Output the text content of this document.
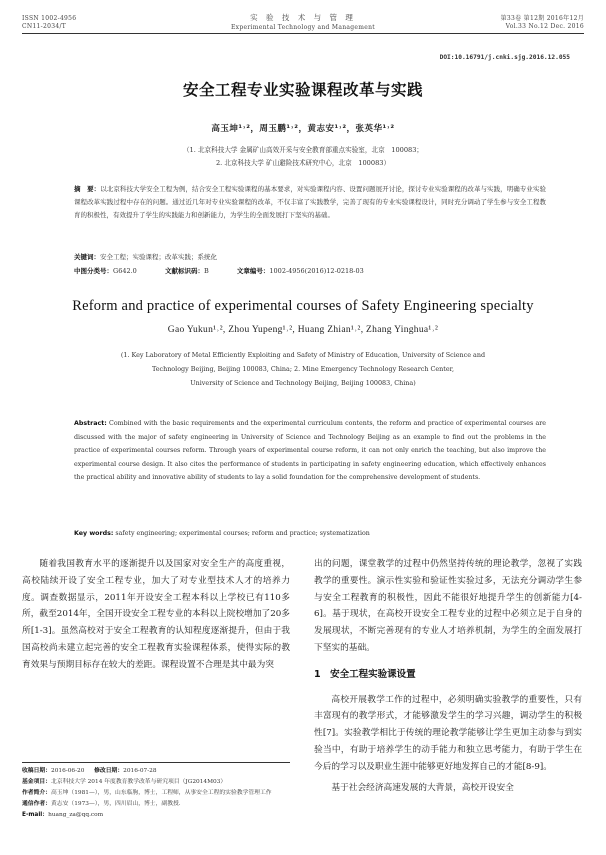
ISSN 1002-4956
CN11-2034/T
实 验 技 术 与 管 理
Experimental Technology and Management
第33卷 第12期 2016年12月
Vol.33 No.12 Dec. 2016
DOI:10.16791/j.cnki.sjg.2016.12.055
安全工程专业实验课程改革与实践
高玉坤¹˒²，周玉鹏¹˒²，黄志安¹˒²，张英华¹˒²
（1. 北京科技大学 金属矿山高效开采与安全教育部重点实验室，北京　100083；
2. 北京科技大学 矿山避险技术研究中心，北京　100083）
摘　要：以北京科技大学安全工程为例，结合安全工程实验课程的基本要求，对实验课程内容、设置问题展开讨论，探讨专业实验课程的改革与实践，明确专业实验课程改革实践过程中存在的问题。通过近几年对专业实验课程的改革，不仅丰富了实践教学，完善了现有的专业实验课程设计，同时充分调动了学生参与安全工程教育的积极性，有效提升了学生的实践能力和创新能力，为学生的全面发展打下坚实的基础。
关键词：安全工程；实验课程；改革实践；系统化
中图分类号：G642.0	文献标识码：B	文章编号：1002-4956(2016)12-0218-03
Reform and practice of experimental courses of Safety Engineering specialty
Gao Yukun¹˒², Zhou Yupeng¹˒², Huang Zhian¹˒², Zhang Yinghua¹˒²
(1. Key Laboratory of Metal Efficiently Exploiting and Safety of Ministry of Education, University of Science and
Technology Beijing, Beijing 100083, China; 2. Mine Emergency Technology Research Center,
University of Science and Technology Beijing, Beijing 100083, China)
Abstract: Combined with the basic requirements and the experimental curriculum contents, the reform and practice of experimental courses are discussed with the major of safety engineering in University of Science and Technology Beijing as an example to find out the problems in the practice of experimental courses reform. Through years of experimental course reform, it can not only enrich the teaching, but also improve the experimental course design. It also cites the performance of students in participating in safety engineering education, which effectively enhances the practical ability and innovative ability of students to lay a solid foundation for the comprehensive development of students.
Key words: safety engineering; experimental courses; reform and practice; systematization

随着我国教育水平的逐渐提升以及国家对安全生产的高度重视，高校陆续开设了安全工程专业，加大了对专业型技术人才的培养力度。调查数据显示，2011年开设安全工程本科以上学校已有110多所，截至2014年，全国开设安全工程专业的本科以上院校增加了20多所[1-3]。虽然高校对于安全工程教育的认知程度逐渐提升，但由于我国高校尚未建立起完善的安全工程教育实验课程体系，使得实际的教育效果与预期目标存在较大的差距。课程设置不合理是其中最为突

收稿日期：2016-06-20 修改日期：2016-07-28
基金项目：北京科技大学 2014 年度教育教学改革与研究项目（JG2014M03）
作者简介：高玉坤（1981—），男，山东临朐，博士，工程师，从事安全工程的实验教学管理工作
通信作者：黄志安（1973—），男，四川眉山，博士，副教授．
E-mail：huang_za@qq.com

出的问题，课堂教学的过程中仍然坚持传统的理论教学，忽视了实践教学的重要性。演示性实验和验证性实验过多，无法充分调动学生参与安全工程教育的积极性，因此不能很好地提升学生的创新能力[4-6]。基于现状，在高校开设安全工程专业的过程中必须立足于自身的发展现状，不断完善现有的专业人才培养机制，为学生的全面发展打下坚实的基础。

1　安全工程实验课设置

高校开展教学工作的过程中，必须明确实验教学的重要性，只有丰富现有的教学形式，才能够激发学生的学习兴趣，调动学生的积极性[7]。实验教学相比于传统的理论教学能够让学生更加主动参与到实验当中，有助于培养学生的动手能力和独立思考能力，有助于学生在今后的学习以及职业生涯中能够更好地发挥自己的才能[8-9]。

基于社会经济高速发展的大背景，高校开设安全
